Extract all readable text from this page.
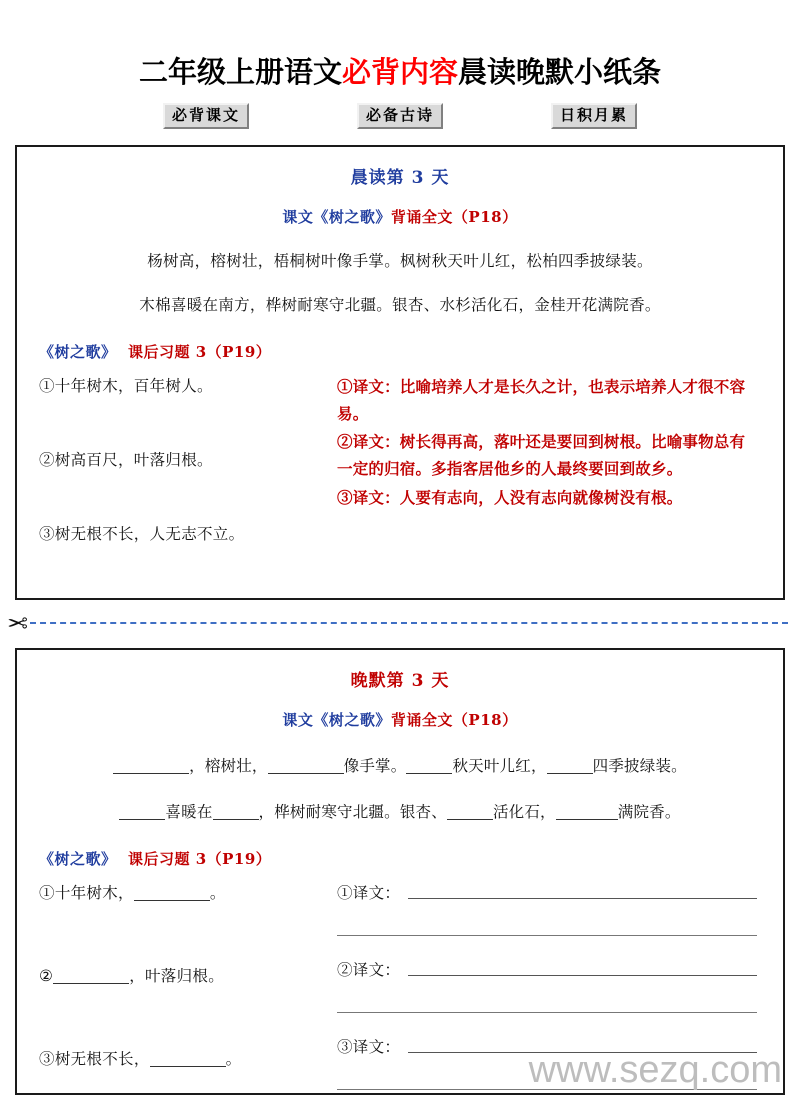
二年级上册语文必背内容晨读晚默小纸条
必背课文	必备古诗	日积月累
晨读第 3 天
课文《树之歌》背诵全文（P18）
杨树高，榕树壮，梧桐树叶像手掌。枫树秋天叶儿红，松柏四季披绿装。
木棉喜暖在南方，桦树耐寒守北疆。银杏、水杉活化石，金桂开花满院香。
《树之歌》 课后习题 3（P19）
①十年树木，百年树人。
②树高百尺，叶落归根。
③树无根不长，人无志不立。
①译文：比喻培养人才是长久之计，也表示培养人才很不容易。
②译文：树长得再高，落叶还是要回到树根。比喻事物总有一定的归宿。多指客居他乡的人最终要回到故乡。
③译文：人要有志向，人没有志向就像树没有根。
✂
晚默第 3 天
课文《树之歌》背诵全文（P18）
，榕树壮，	像手掌。	秋天叶儿红，	四季披绿装。
喜暖在	，桦树耐寒守北疆。银杏、	活化石，	满院香。
《树之歌》 课后习题 3（P19）
①十年树木，	。
②	，叶落归根。
③树无根不长，	。
①译文：
②译文：
③译文：
www.sezq.com
